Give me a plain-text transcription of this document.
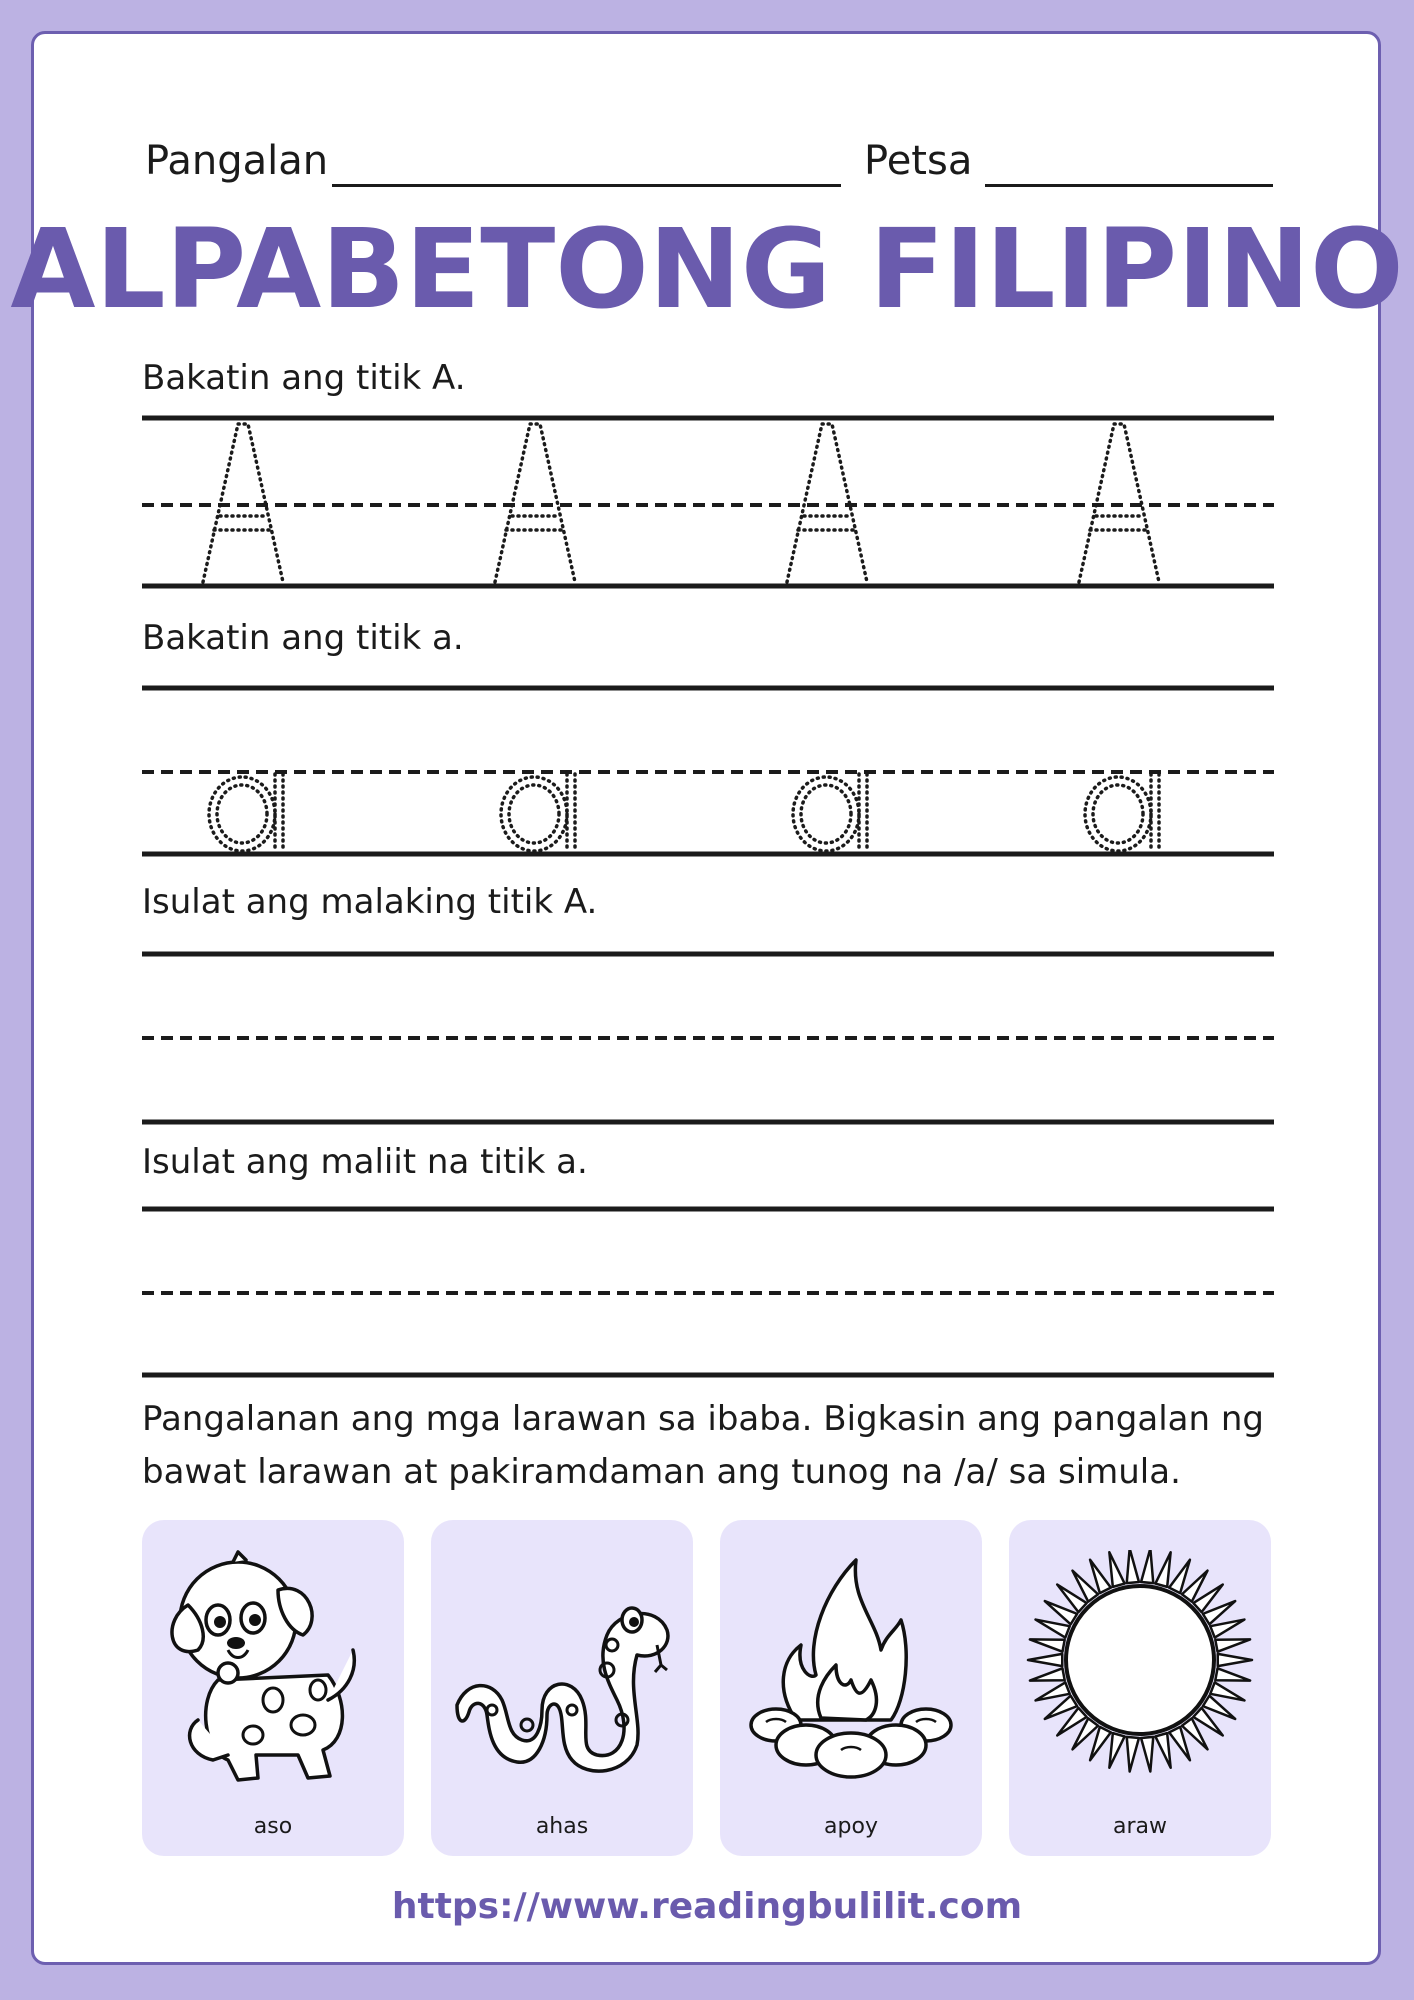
Pangalan	Petsa
ALPABETONG FILIPINO
Bakatin ang titik A.
Bakatin ang titik a.
Isulat ang malaking titik A.
Isulat ang maliit na titik a.
Pangalanan ang mga larawan sa ibaba. Bigkasin ang pangalan ng
bawat larawan at pakiramdaman ang tunog na /a/ sa simula.
aso	ahas	apoy	araw
https://www.readingbulilit.com
